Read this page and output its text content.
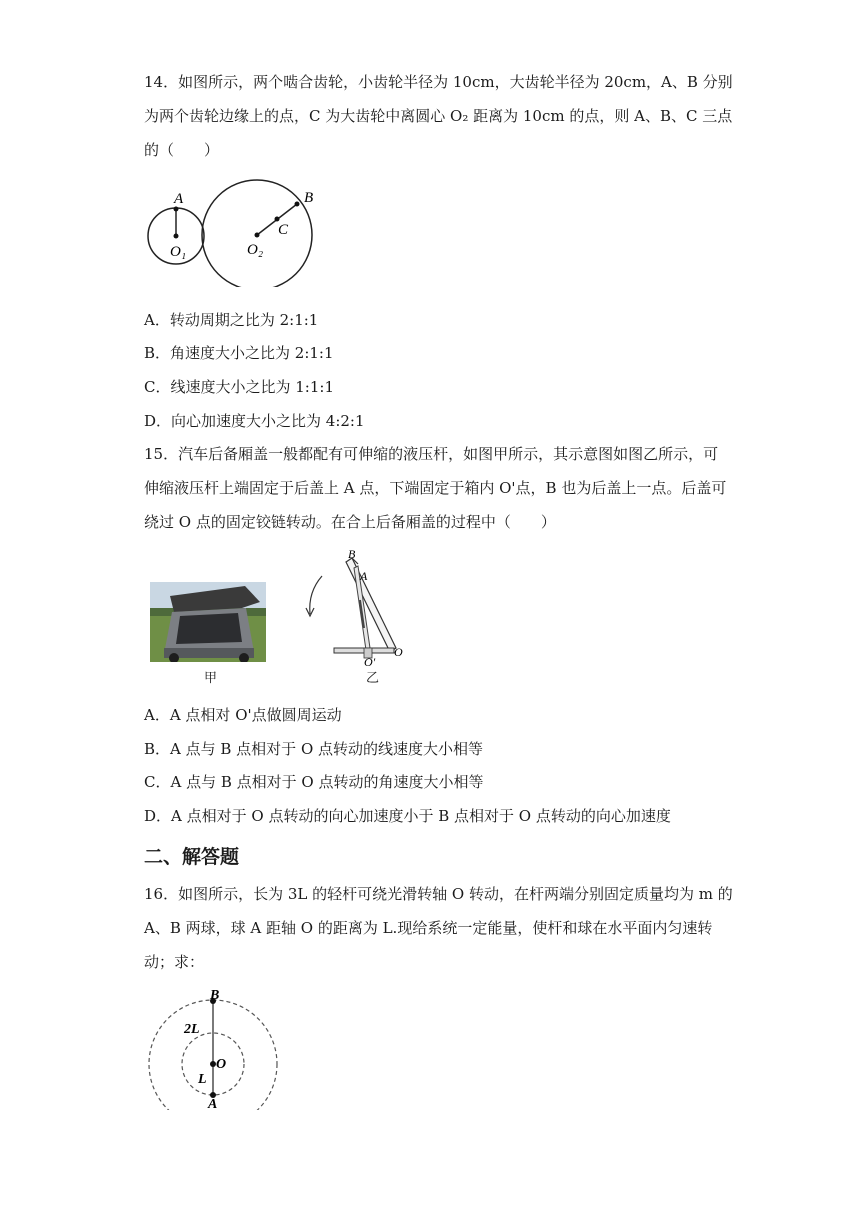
14．如图所示，两个啮合齿轮，小齿轮半径为 10cm，大齿轮半径为 20cm，A、B 分别
为两个齿轮边缘上的点，C 为大齿轮中离圆心 O₂ 距离为 10cm 的点，则 A、B、C 三点
的（　　）
A
O₁
B
C
O₂
A．转动周期之比为 2:1:1
B．角速度大小之比为 2:1:1
C．线速度大小之比为 1:1:1
D．向心加速度大小之比为 4:2:1
15．汽车后备厢盖一般都配有可伸缩的液压杆，如图甲所示，其示意图如图乙所示，可
伸缩液压杆上端固定于后盖上 A 点，下端固定于箱内 O'点，B 也为后盖上一点。后盖可
绕过 O 点的固定铰链转动。在合上后备厢盖的过程中（　　）
甲
B
A
O'
O
乙
A．A 点相对 O'点做圆周运动
B．A 点与 B 点相对于 O 点转动的线速度大小相等
C．A 点与 B 点相对于 O 点转动的角速度大小相等
D．A 点相对于 O 点转动的向心加速度小于 B 点相对于 O 点转动的向心加速度
二、解答题
16．如图所示，长为 3L 的轻杆可绕光滑转轴 O 转动，在杆两端分别固定质量均为 m 的
A、B 两球，球 A 距轴 O 的距离为 L.现给系统一定能量，使杆和球在水平面内匀速转
动；求：
B
2L
O
L
A
